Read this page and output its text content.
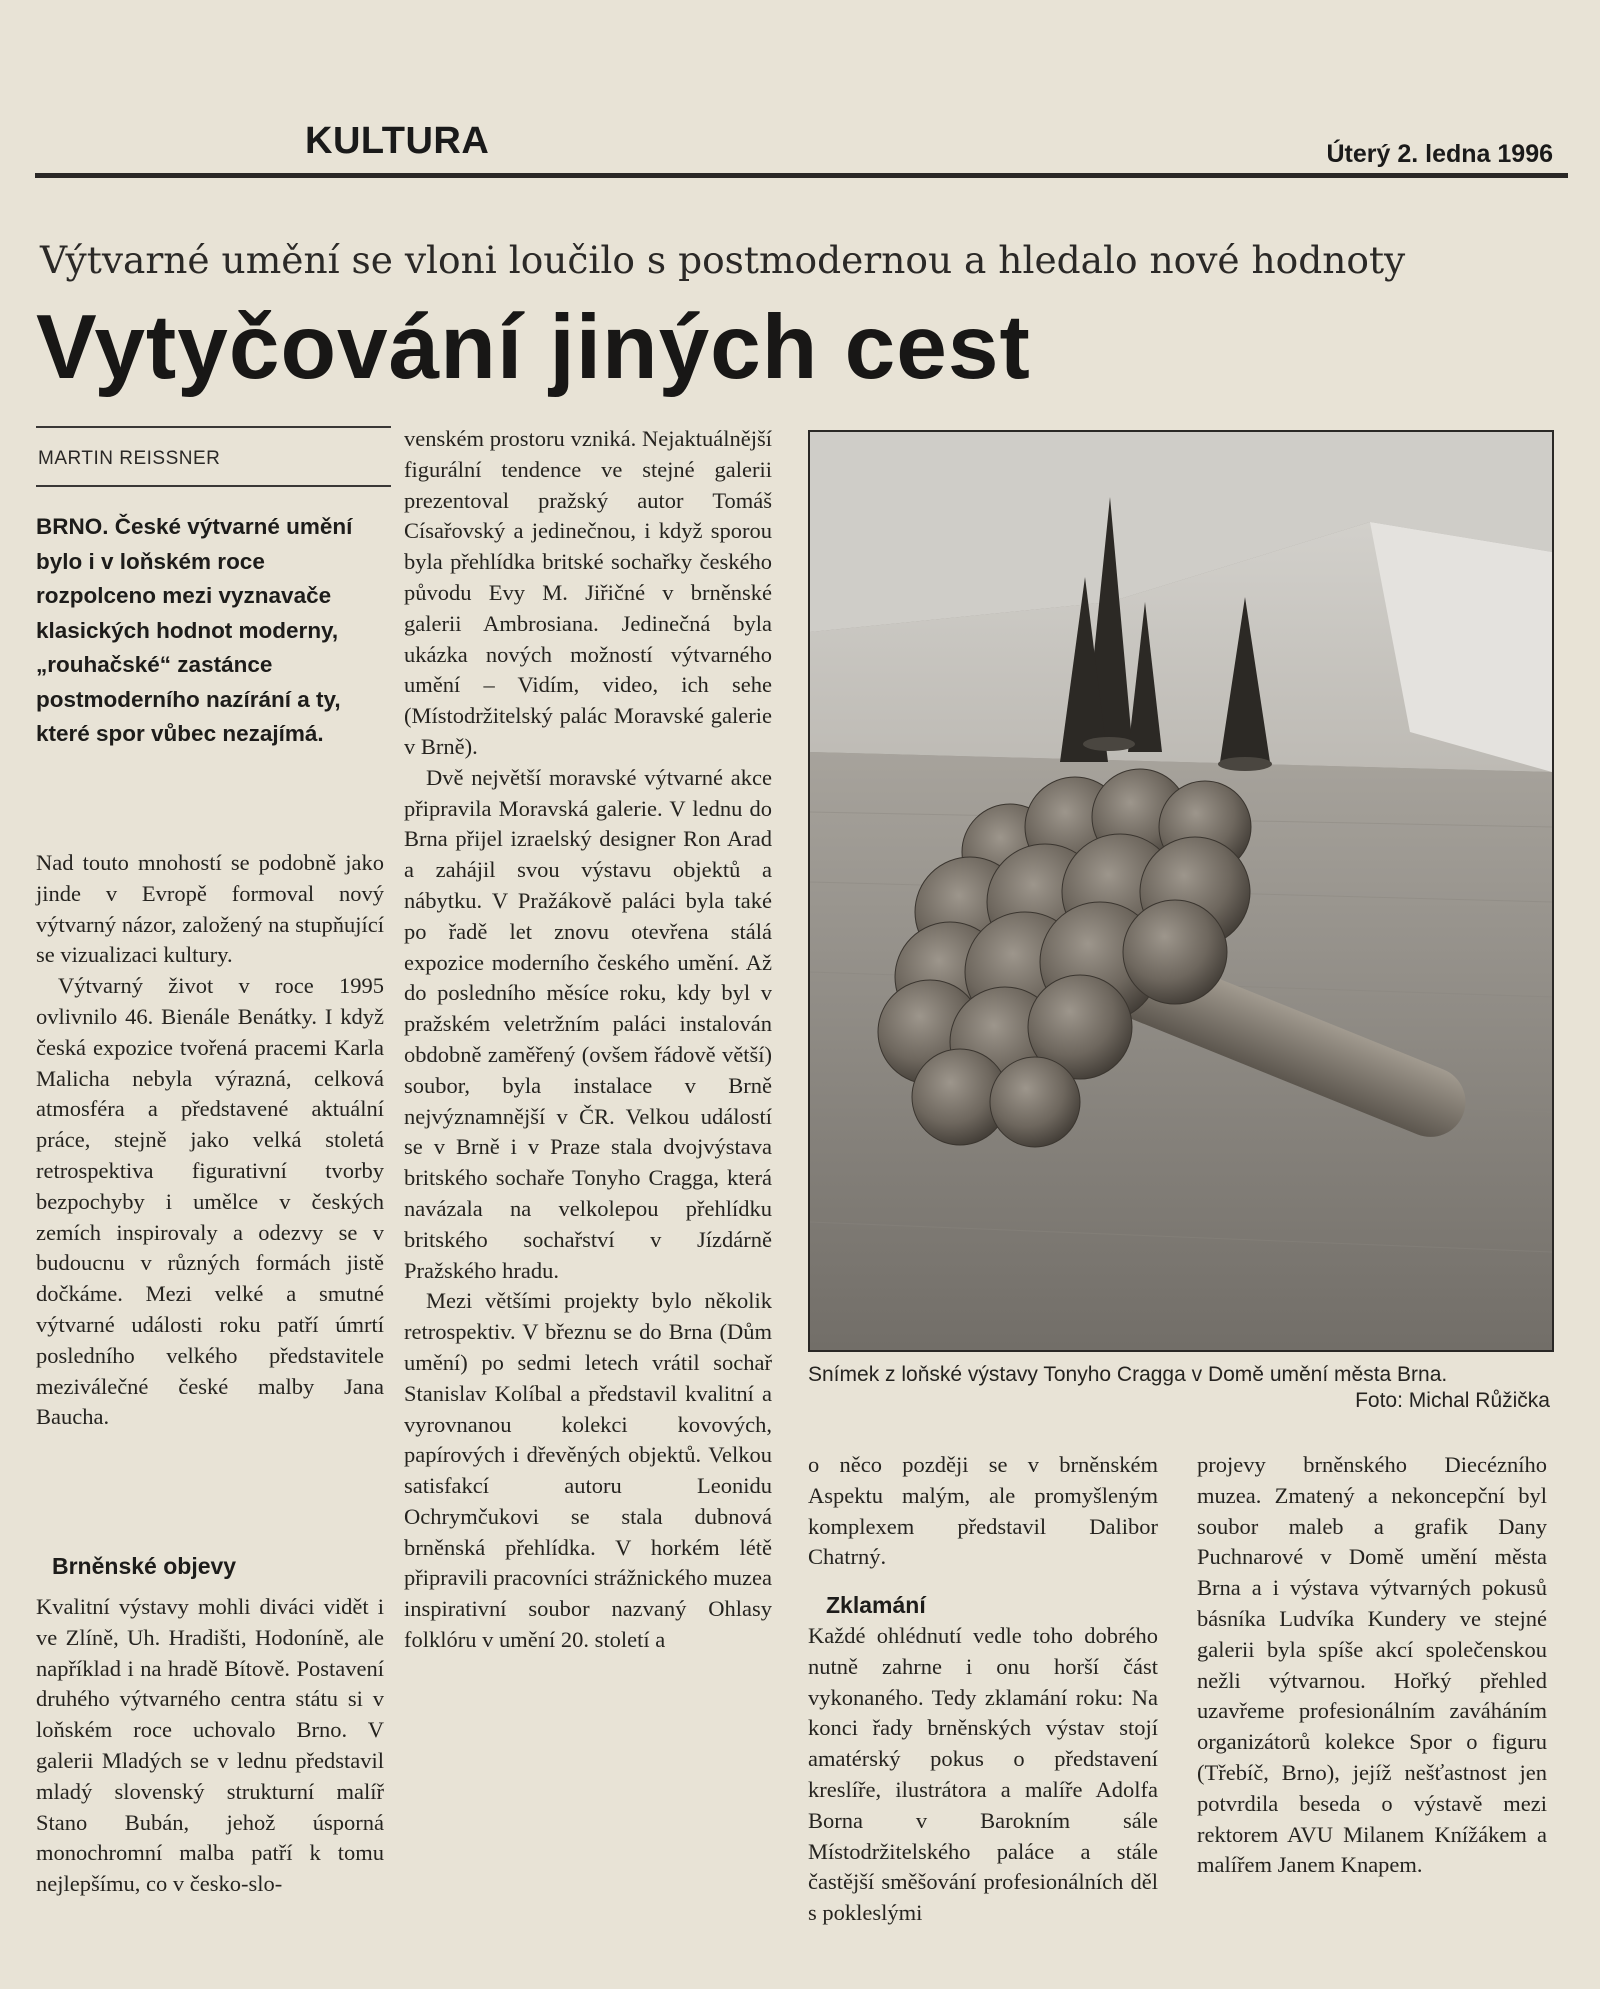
KULTURA	Úterý 2. ledna 1996
Výtvarné umění se vloni loučilo s postmodernou a hledalo nové hodnoty
Vytyčování jiných cest
MARTIN REISSNER

BRNO. České výtvarné umění bylo i v loňském roce rozpolceno mezi vyznavače klasických hodnot moderny, „rouhačské“ zastánce postmoderního nazírání a ty, které spor vůbec nezajímá.

Nad touto mnohostí se podobně jako jinde v Evropě formoval nový výtvarný názor, založený na stupňující se vizualizaci kultury.

Výtvarný život v roce 1995 ovlivnilo 46. Bienále Benátky. I když česká expozice tvořená pracemi Karla Malicha nebyla výrazná, celková atmosféra a představené aktuální práce, stejně jako velká stoletá retrospektiva figurativní tvorby bezpochyby i umělce v českých zemích inspirovaly a odezvy se v budoucnu v různých formách jistě dočkáme. Mezi velké a smutné výtvarné události roku patří úmrtí posledního velkého představitele meziválečné české malby Jana Baucha.

Brněnské objevy

Kvalitní výstavy mohli diváci vidět i ve Zlíně, Uh. Hradišti, Hodoníně, ale například i na hradě Bítově. Postavení druhého výtvarného centra státu si v loňském roce uchovalo Brno. V galerii Mladých se v lednu představil mladý slovenský strukturní malíř Stano Bubán, jehož úsporná monochromní malba patří k tomu nejlepšímu, co v česko-slo-

venském prostoru vzniká. Nejaktuálnější figurální tendence ve stejné galerii prezentoval pražský autor Tomáš Císařovský a jedinečnou, i když sporou byla přehlídka britské sochařky českého původu Evy M. Jiřičné v brněnské galerii Ambrosiana. Jedinečná byla ukázka nových možností výtvarného umění – Vidím, video, ich sehe (Místodržitelský palác Moravské galerie v Brně).

Dvě největší moravské výtvarné akce připravila Moravská galerie. V lednu do Brna přijel izraelský designer Ron Arad a zahájil svou výstavu objektů a nábytku. V Pražákově paláci byla také po řadě let znovu otevřena stálá expozice moderního českého umění. Až do posledního měsíce roku, kdy byl v pražském veletržním paláci instalován obdobně zaměřený (ovšem řádově větší) soubor, byla instalace v Brně nejvýznamnější v ČR. Velkou událostí se v Brně i v Praze stala dvojvýstava britského sochaře Tonyho Cragga, která navázala na velkolepou přehlídku britského sochařství v Jízdárně Pražského hradu.

Mezi většími projekty bylo několik retrospektiv. V březnu se do Brna (Dům umění) po sedmi letech vrátil sochař Stanislav Kolíbal a představil kvalitní a vyrovnanou kolekci kovových, papírových i dřevěných objektů. Velkou satisfakcí autoru Leonidu Ochrymčukovi se stala dubnová brněnská přehlídka. V horkém létě připravili pracovníci strážnického muzea inspirativní soubor nazvaný Ohlasy folklóru v umění 20. století a

Snímek z loňské výstavy Tonyho Cragga v Domě umění města Brna.
Foto: Michal Růžička

o něco později se v brněnském Aspektu malým, ale promyšleným komplexem představil Dalibor Chatrný.

Zklamání

Každé ohlédnutí vedle toho dobrého nutně zahrne i onu horší část vykonaného. Tedy zklamání roku: Na konci řady brněnských výstav stojí amatérský pokus o představení kreslíře, ilustrátora a malíře Adolfa Borna v Barokním sále Místodržitelského paláce a stále častější směšování profesionálních děl s pokleslými

projevy brněnského Diecézního muzea. Zmatený a nekoncepční byl soubor maleb a grafik Dany Puchnarové v Domě umění města Brna a i výstava výtvarných pokusů básníka Ludvíka Kundery ve stejné galerii byla spíše akcí společenskou nežli výtvarnou. Hořký přehled uzavřeme profesionálním zaváháním organizátorů kolekce Spor o figuru (Třebíč, Brno), jejíž nešťastnost jen potvrdila beseda o výstavě mezi rektorem AVU Milanem Knížákem a malířem Janem Knapem.
